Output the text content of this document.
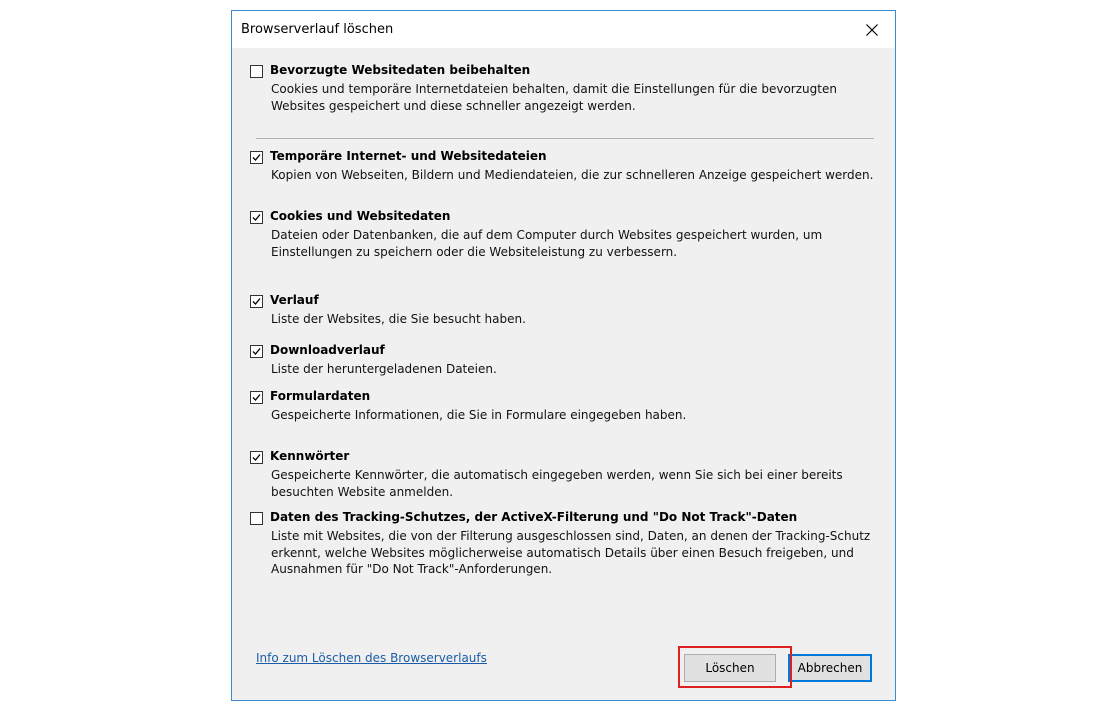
Browserverlauf löschen
Bevorzugte Websitedaten beibehalten
Cookies und temporäre Internetdateien behalten, damit die Einstellungen für die bevorzugten Websites gespeichert und diese schneller angezeigt werden.
Temporäre Internet- und Websitedateien
Kopien von Webseiten, Bildern und Mediendateien, die zur schnelleren Anzeige gespeichert werden.
Cookies und Websitedaten
Dateien oder Datenbanken, die auf dem Computer durch Websites gespeichert wurden, um Einstellungen zu speichern oder die Websiteleistung zu verbessern.
Verlauf
Liste der Websites, die Sie besucht haben.
Downloadverlauf
Liste der heruntergeladenen Dateien.
Formulardaten
Gespeicherte Informationen, die Sie in Formulare eingegeben haben.
Kennwörter
Gespeicherte Kennwörter, die automatisch eingegeben werden, wenn Sie sich bei einer bereits besuchten Website anmelden.
Daten des Tracking-Schutzes, der ActiveX-Filterung und "Do Not Track"-Daten
Liste mit Websites, die von der Filterung ausgeschlossen sind, Daten, an denen der Tracking-Schutz erkennt, welche Websites möglicherweise automatisch Details über einen Besuch freigeben, und Ausnahmen für "Do Not Track"-Anforderungen.
Info zum Löschen des Browserverlaufs
Löschen	Abbrechen
